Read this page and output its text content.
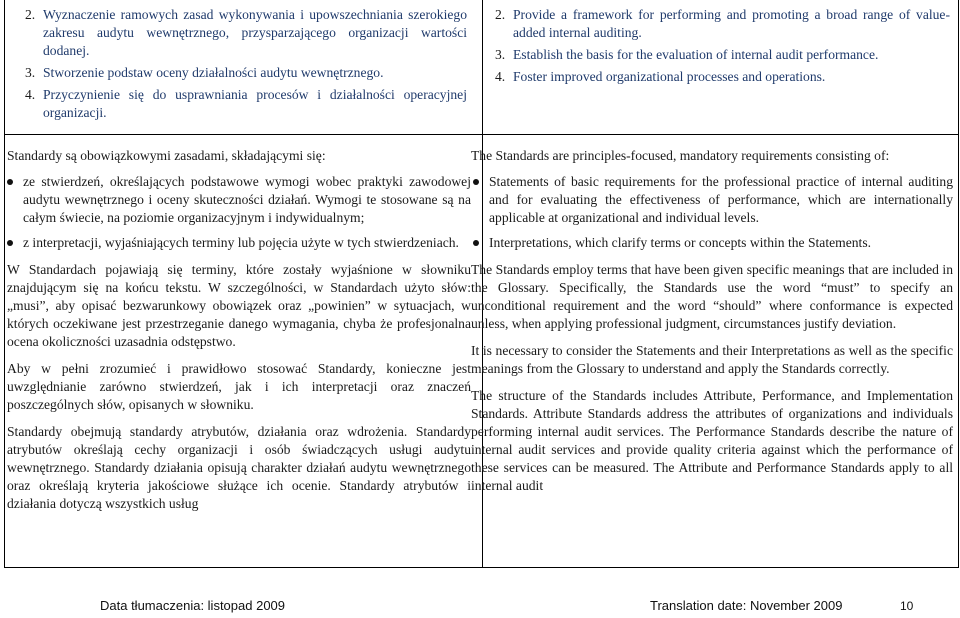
2. Wyznaczenie ramowych zasad wykonywania i upowszechniania szerokiego zakresu audytu wewnętrznego, przysparzającego organizacji wartości dodanej.
3. Stworzenie podstaw oceny działalności audytu wewnętrznego.
4. Przyczynienie się do usprawniania procesów i działalności operacyjnej organizacji.
2. Provide a framework for performing and promoting a broad range of value-added internal auditing.
3. Establish the basis for the evaluation of internal audit performance.
4. Foster improved organizational processes and operations.

Standardy są obowiązkowymi zasadami, składającymi się:

ze stwierdzeń, określających podstawowe wymogi wobec praktyki zawodowej audytu wewnętrznego i oceny skuteczności działań. Wymogi te stosowane są na całym świecie, na poziomie organizacyjnym i indywidualnym;
z interpretacji, wyjaśniających terminy lub pojęcia użyte w tych stwierdzeniach.

W Standardach pojawiają się terminy, które zostały wyjaśnione w słowniku znajdującym się na końcu tekstu. W szczególności, w Standardach użyto słów: „musi”, aby opisać bezwarunkowy obowiązek oraz „powinien” w sytuacjach, w których oczekiwane jest przestrzeganie danego wymagania, chyba że profesjonalna ocena okoliczności uzasadnia odstępstwo.

Aby w pełni zrozumieć i prawidłowo stosować Standardy, konieczne jest uwzględnianie zarówno stwierdzeń, jak i ich interpretacji oraz znaczeń poszczególnych słów, opisanych w słowniku.

Standardy obejmują standardy atrybutów, działania oraz wdrożenia. Standardy atrybutów określają cechy organizacji i osób świadczących usługi audytu wewnętrznego. Standardy działania opisują charakter działań audytu wewnętrznego oraz określają kryteria jakościowe służące ich ocenie. Standardy atrybutów i działania dotyczą wszystkich usług

The Standards are principles-focused, mandatory requirements consisting of:

Statements of basic requirements for the professional practice of internal auditing and for evaluating the effectiveness of performance, which are internationally applicable at organizational and individual levels.
Interpretations, which clarify terms or concepts within the Statements.

The Standards employ terms that have been given specific meanings that are included in the Glossary. Specifically, the Standards use the word “must” to specify an unconditional requirement and the word “should” where conformance is expected unless, when applying professional judgment, circumstances justify deviation.

It is necessary to consider the Statements and their Interpretations as well as the specific meanings from the Glossary to understand and apply the Standards correctly.

The structure of the Standards includes Attribute, Performance, and Implementation Standards. Attribute Standards address the attributes of organizations and individuals performing internal audit services. The Performance Standards describe the nature of internal audit services and provide quality criteria against which the performance of these services can be measured. The Attribute and Performance Standards apply to all internal audit

Data tłumaczenia: listopad 2009	Translation date: November 2009	10
